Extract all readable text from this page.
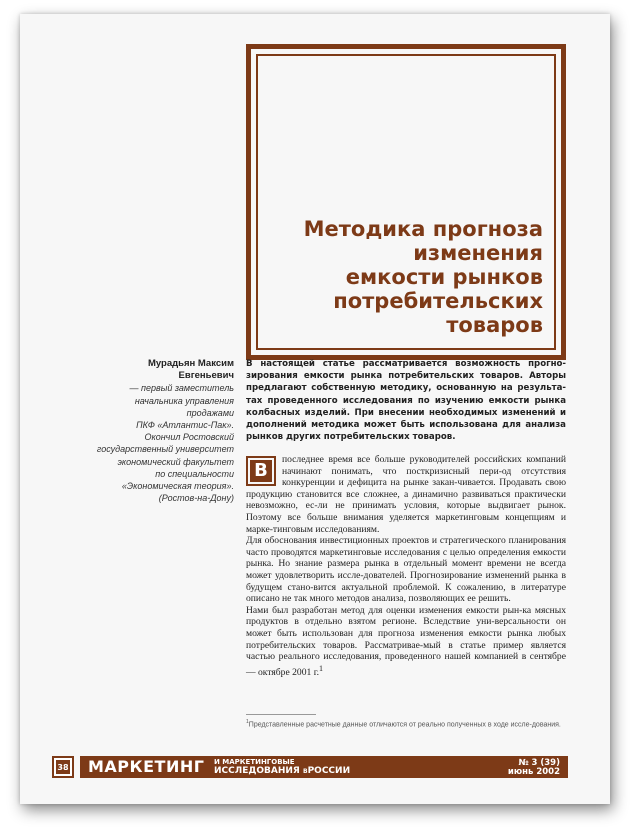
Методика прогноза
изменения
емкости рынков
потребительских
товаров
Мурадьян Максим
Евгеньевич
— первый заместитель
начальника управления
продажами
ПКФ «Атлантис-Пак».
Окончил Ростовский
государственный университет
экономический факультет
по специальности
«Экономическая теория».
(Ростов-на-Дону)

В настоящей статье рассматривается возможность прогно-зирования емкости рынка потребительских товаров. Авторы предлагают собственную методику, основанную на результа-тах проведенного исследования по изучению емкости рынка колбасных изделий. При внесении необходимых изменений и дополнений методика может быть использована для анализа рынков других потребительских товаров.

В
последнее время все больше руководителей российских компаний начинают понимать, что посткризисный пери-од отсутствия конкуренции и дефицита на рынке закан-чивается. Продавать свою продукцию становится все сложнее, а динамично развиваться практически невозможно, ес-ли не принимать условия, которые выдвигает рынок. Поэтому все больше внимания уделяется маркетинговым концепциям и марке-тинговым исследованиям.

Для обоснования инвестиционных проектов и стратегического планирования часто проводятся маркетинговые исследования с целью определения емкости рынка. Но знание размера рынка в отдельный момент времени не всегда может удовлетворить иссле-дователей. Прогнозирование изменений рынка в будущем стано-вится актуальной проблемой. К сожалению, в литературе описано не так много методов анализа, позволяющих ее решить.

Нами был разработан метод для оценки изменения емкости рын-ка мясных продуктов в отдельно взятом регионе. Вследствие уни-версальности он может быть использован для прогноза изменения емкости рынка любых потребительских товаров. Рассматривае-мый в статье пример является частью реального исследования, проведенного нашей компанией в сентябре — октябре 2001 г.$^1$

$^1$Представленные расчетные данные отличаются от реально полученных в ходе иссле-дования.
38 МАРКЕТИНГ И МАРКЕТИНГОВЫЕ
ИССЛЕДОВАНИЯ ВРОССИИ
№ 3 (39)
июнь 2002
